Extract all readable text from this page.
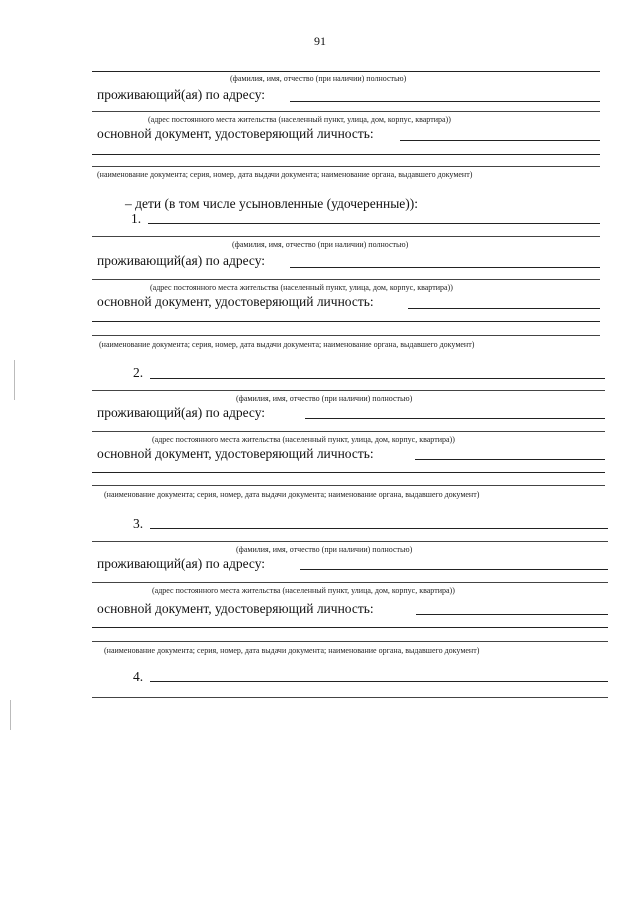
91
(фамилия, имя, отчество (при наличии) полностью)
проживающий(ая) по адресу:
(адрес постоянного места жительства (населенный пункт, улица, дом, корпус, квартира))
основной документ, удостоверяющий личность:
(наименование документа; серия, номер, дата выдачи документа; наименование органа, выдавшего документ)
– дети (в том числе усыновленные (удочеренные)):
1.
(фамилия, имя, отчество (при наличии) полностью)
проживающий(ая) по адресу:
(адрес постоянного места жительства (населенный пункт, улица, дом, корпус, квартира))
основной документ, удостоверяющий личность:
(наименование документа; серия, номер, дата выдачи документа; наименование органа, выдавшего документ)
2.
(фамилия, имя, отчество (при наличии) полностью)
проживающий(ая) по адресу:
(адрес постоянного места жительства (населенный пункт, улица, дом, корпус, квартира))
основной документ, удостоверяющий личность:
(наименование документа; серия, номер, дата выдачи документа; наименование органа, выдавшего документ)
3.
(фамилия, имя, отчество (при наличии) полностью)
проживающий(ая) по адресу:
(адрес постоянного места жительства (населенный пункт, улица, дом, корпус, квартира))
основной документ, удостоверяющий личность:
(наименование документа; серия, номер, дата выдачи документа; наименование органа, выдавшего документ)
4.
